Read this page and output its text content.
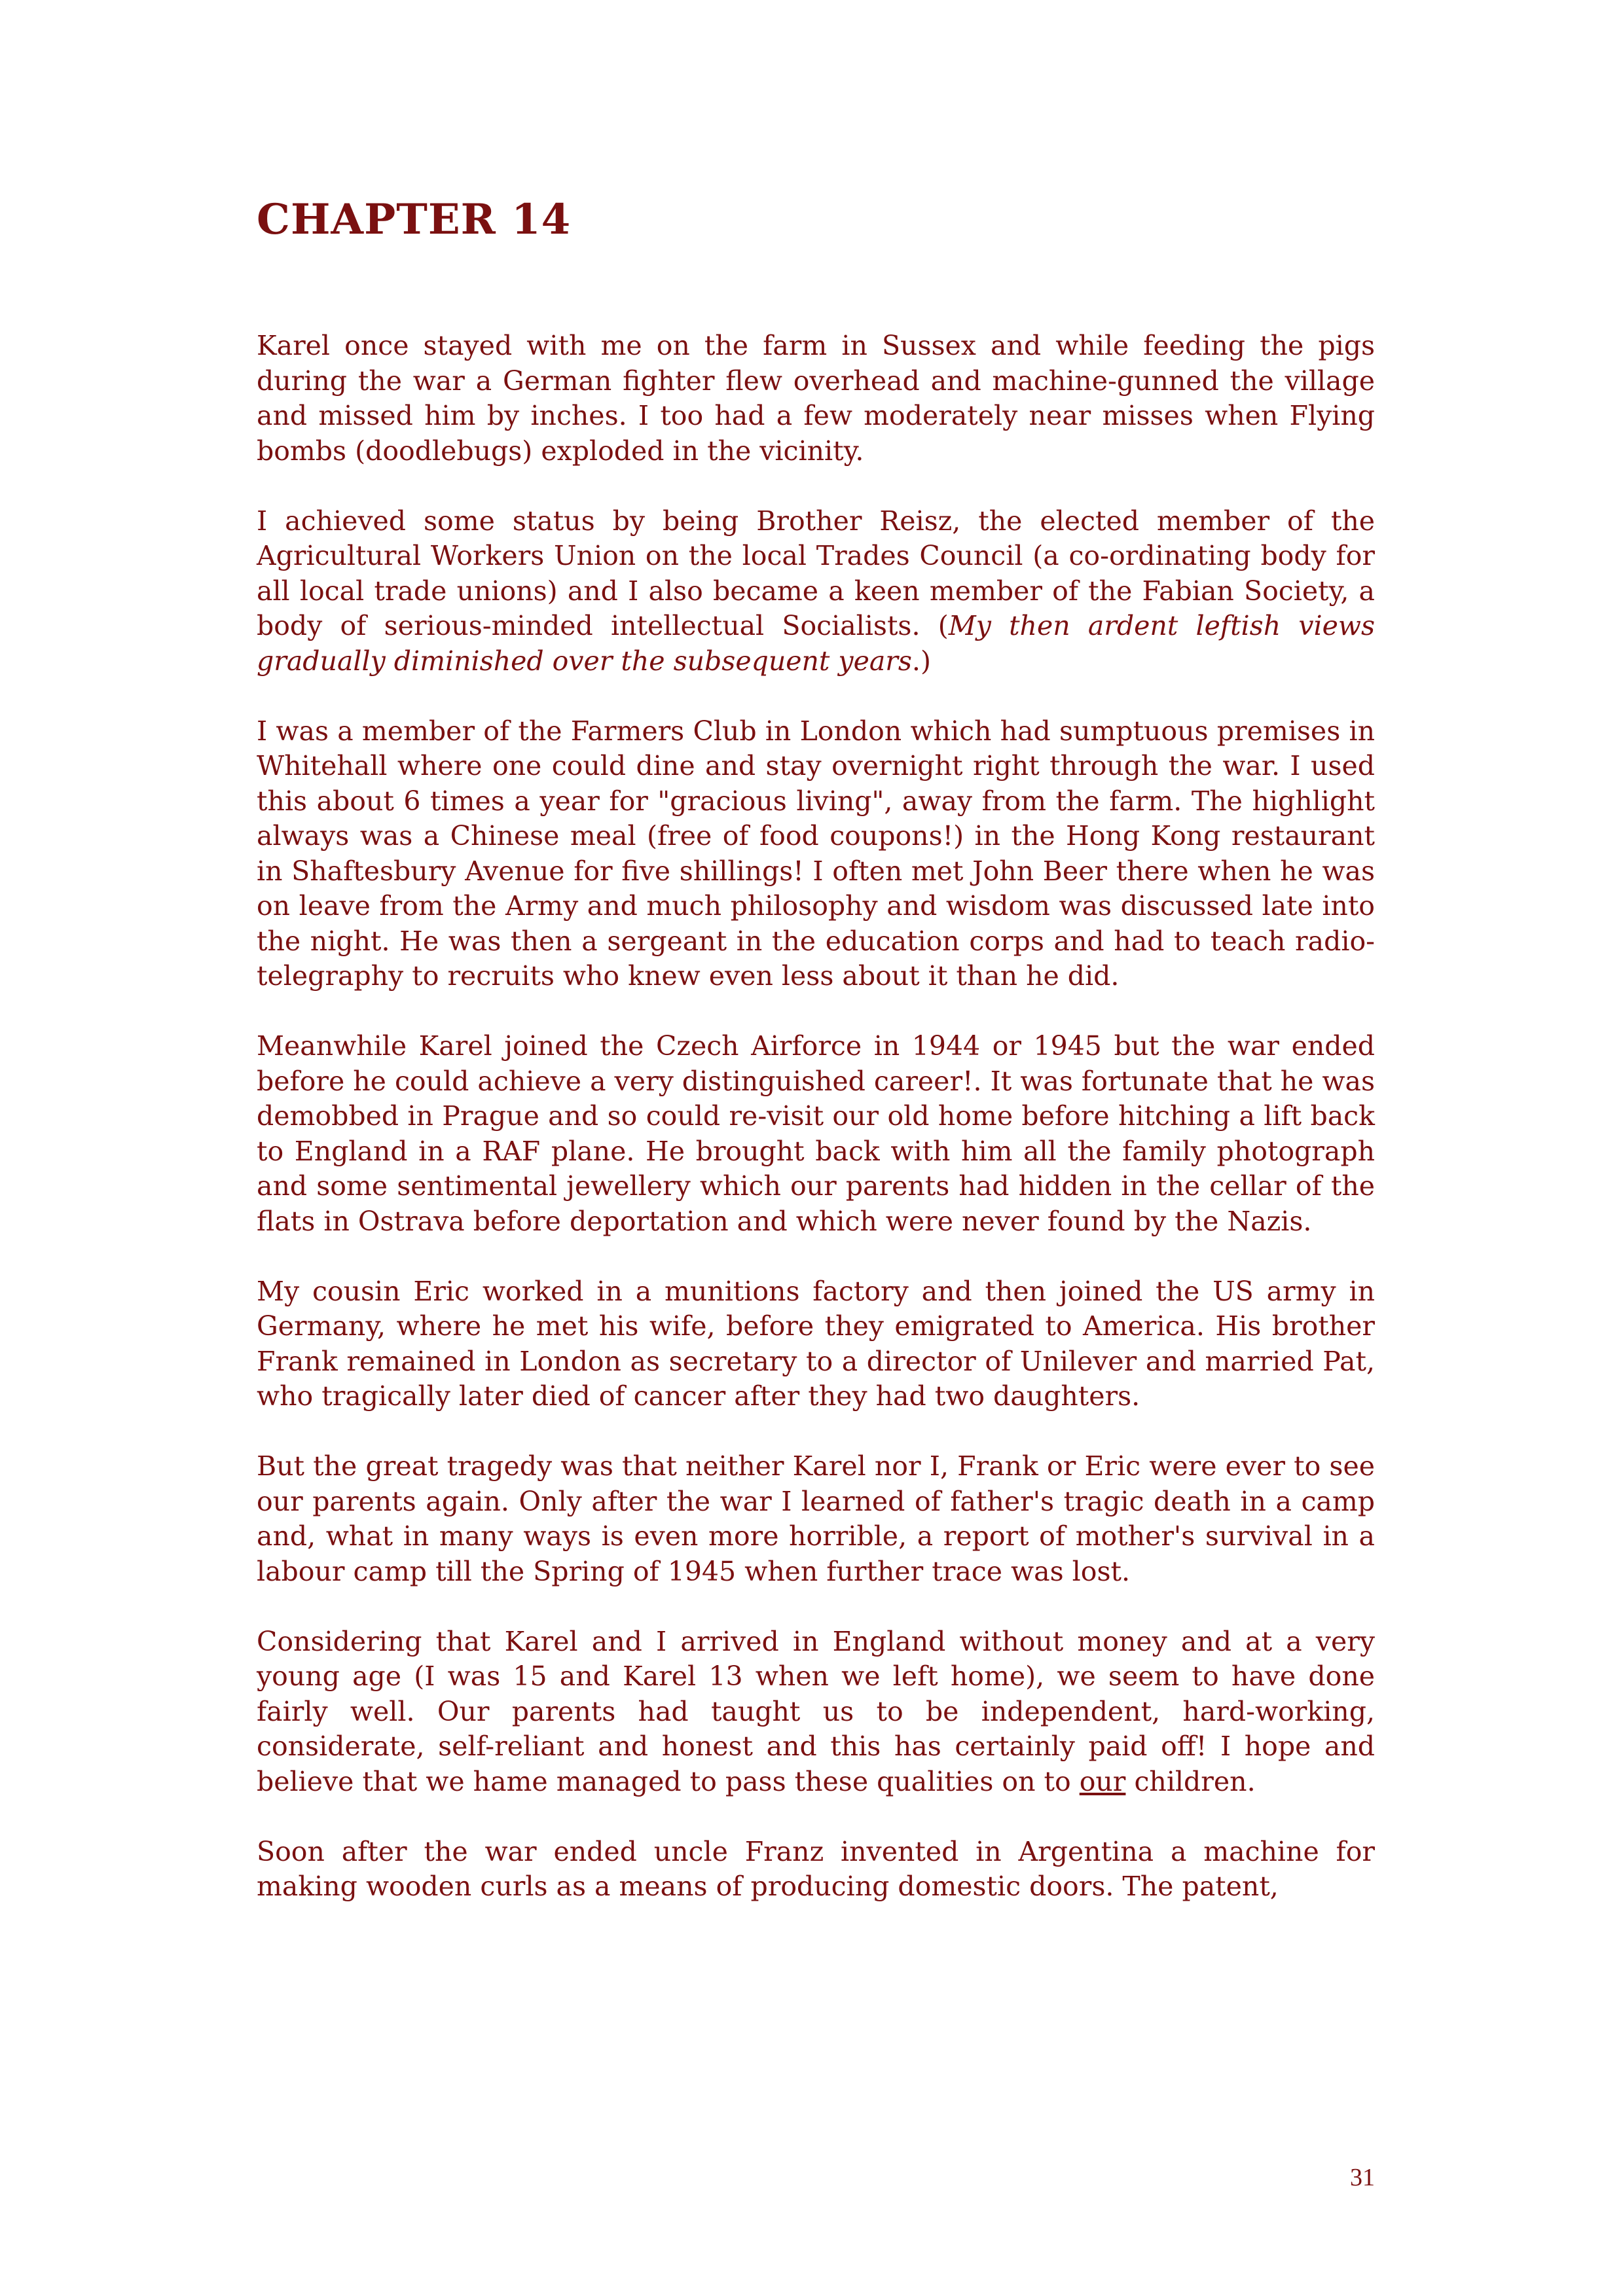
CHAPTER 14

Karel once stayed with me on the farm in Sussex and while feeding the pigs during the war a German fighter flew overhead and machine-gunned the village and missed him by inches. I too had a few moderately near misses when Flying bombs (doodlebugs) exploded in the vicinity.

I achieved some status by being Brother Reisz, the elected member of the Agricultural Workers Union on the local Trades Council (a co-ordinating body for all local trade unions) and I also became a keen member of the Fabian Society, a body of serious-minded intellectual Socialists. (My then ardent leftish views gradually diminished over the subsequent years.)

I was a member of the Farmers Club in London which had sumptuous premises in Whitehall where one could dine and stay overnight right through the war. I used this about 6 times a year for "gracious living", away from the farm. The highlight always was a Chinese meal (free of food coupons!) in the Hong Kong restaurant in Shaftesbury Avenue for five shillings! I often met John Beer there when he was on leave from the Army and much philosophy and wisdom was discussed late into the night. He was then a sergeant in the education corps and had to teach radio-telegraphy to recruits who knew even less about it than he did.

Meanwhile Karel joined the Czech Airforce in 1944 or 1945 but the war ended before he could achieve a very distinguished career!. It was fortunate that he was demobbed in Prague and so could re-visit our old home before hitching a lift back to England in a RAF plane. He brought back with him all the family photograph and some sentimental jewellery which our parents had hidden in the cellar of the flats in Ostrava before deportation and which were never found by the Nazis.

My cousin Eric worked in a munitions factory and then joined the US army in Germany, where he met his wife, before they emigrated to America. His brother Frank remained in London as secretary to a director of Unilever and married Pat, who tragically later died of cancer after they had two daughters.

But the great tragedy was that neither Karel nor I, Frank or Eric were ever to see our parents again. Only after the war I learned of father's tragic death in a camp and, what in many ways is even more horrible, a report of mother's survival in a labour camp till the Spring of 1945 when further trace was lost.

Considering that Karel and I arrived in England without money and at a very young age (I was 15 and Karel 13 when we left home), we seem to have done fairly well. Our parents had taught us to be independent, hard-working, considerate, self-reliant and honest and this has certainly paid off! I hope and believe that we hame managed to pass these qualities on to our children.

Soon after the war ended uncle Franz invented in Argentina a machine for making wooden curls as a means of producing domestic doors. The patent,

31
